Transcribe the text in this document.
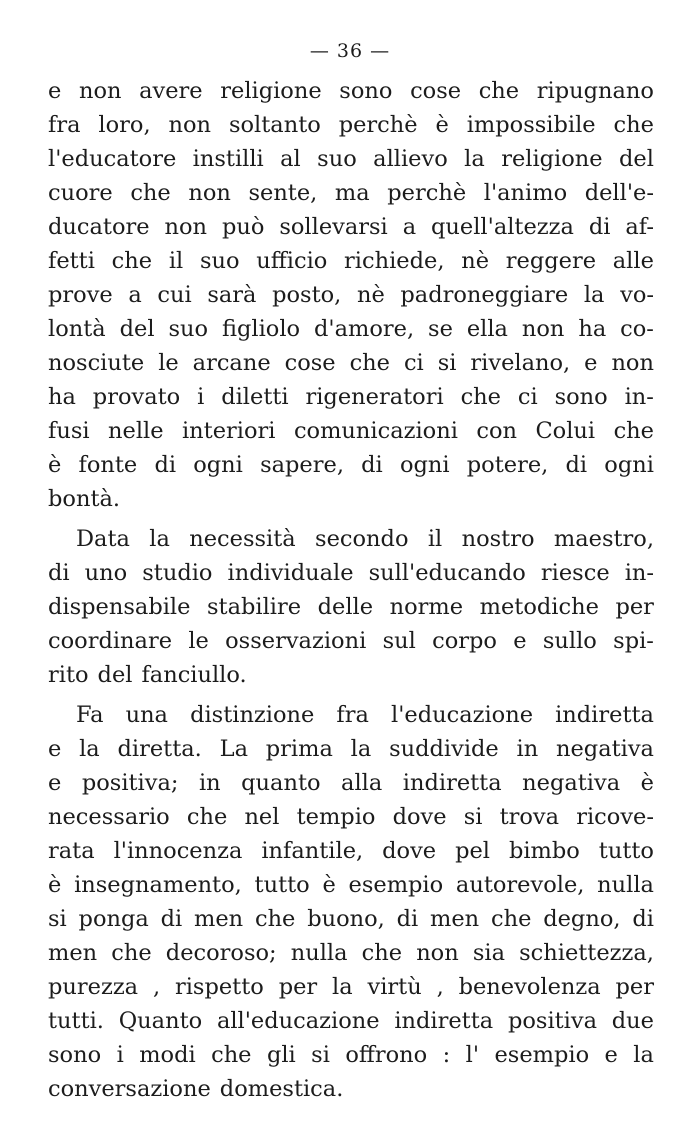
— 36 —
e non avere religione sono cose che ripugnano
fra loro, non soltanto perchè è impossibile che
l'educatore instilli al suo allievo la religione del
cuore che non sente, ma perchè l'animo dell'e-
ducatore non può sollevarsi a quell'altezza di af-
fetti che il suo ufficio richiede, nè reggere alle
prove a cui sarà posto, nè padroneggiare la vo-
lontà del suo figliolo d'amore, se ella non ha co-
nosciute le arcane cose che ci si rivelano, e non
ha provato i diletti rigeneratori che ci sono in-
fusi nelle interiori comunicazioni con Colui che
è fonte di ogni sapere, di ogni potere, di ogni
bontà.
Data la necessità secondo il nostro maestro,
di uno studio individuale sull'educando riesce in-
dispensabile stabilire delle norme metodiche per
coordinare le osservazioni sul corpo e sullo spi-
rito del fanciullo.
Fa una distinzione fra l'educazione indiretta
e la diretta. La prima la suddivide in negativa
e positiva; in quanto alla indiretta negativa è
necessario che nel tempio dove si trova ricove-
rata l'innocenza infantile, dove pel bimbo tutto
è insegnamento, tutto è esempio autorevole, nulla
si ponga di men che buono, di men che degno, di
men che decoroso; nulla che non sia schiettezza,
purezza , rispetto per la virtù , benevolenza per
tutti. Quanto all'educazione indiretta positiva due
sono i modi che gli si offrono : l' esempio e la
conversazione domestica.
